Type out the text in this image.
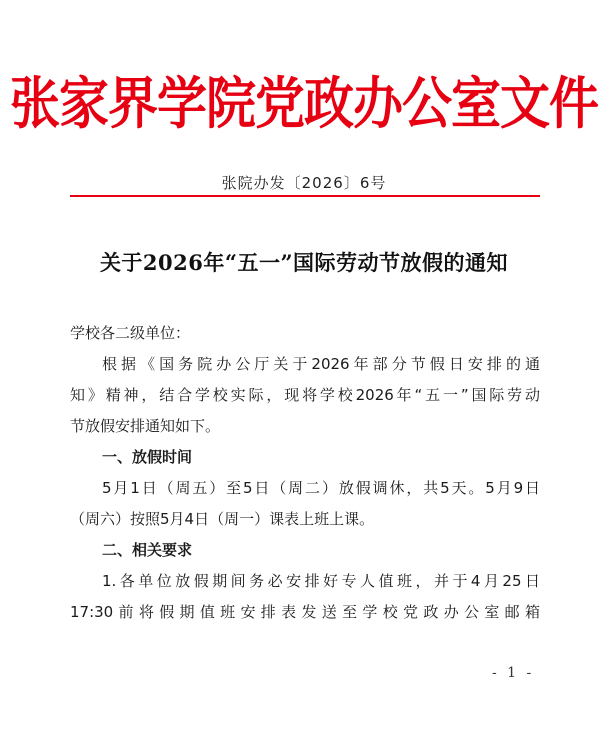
张家界学院党政办公室文件
张院办发〔2026〕6号
关于2026年“五一”国际劳动节放假的通知
学校各二级单位：
根据《国务院办公厅关于2026年部分节假日安排的通
知》精神，结合学校实际，现将学校2026年“五一”国际劳动
节放假安排通知如下。
一、放假时间
5月1日（周五）至5日（周二）放假调休，共5天。5月9日
（周六）按照5月4日（周一）课表上班上课。
二、相关要求
1.各单位放假期间务必安排好专人值班，并于4月25日
17:30前将假期值班安排表发送至学校党政办公室邮箱
- 1 -
